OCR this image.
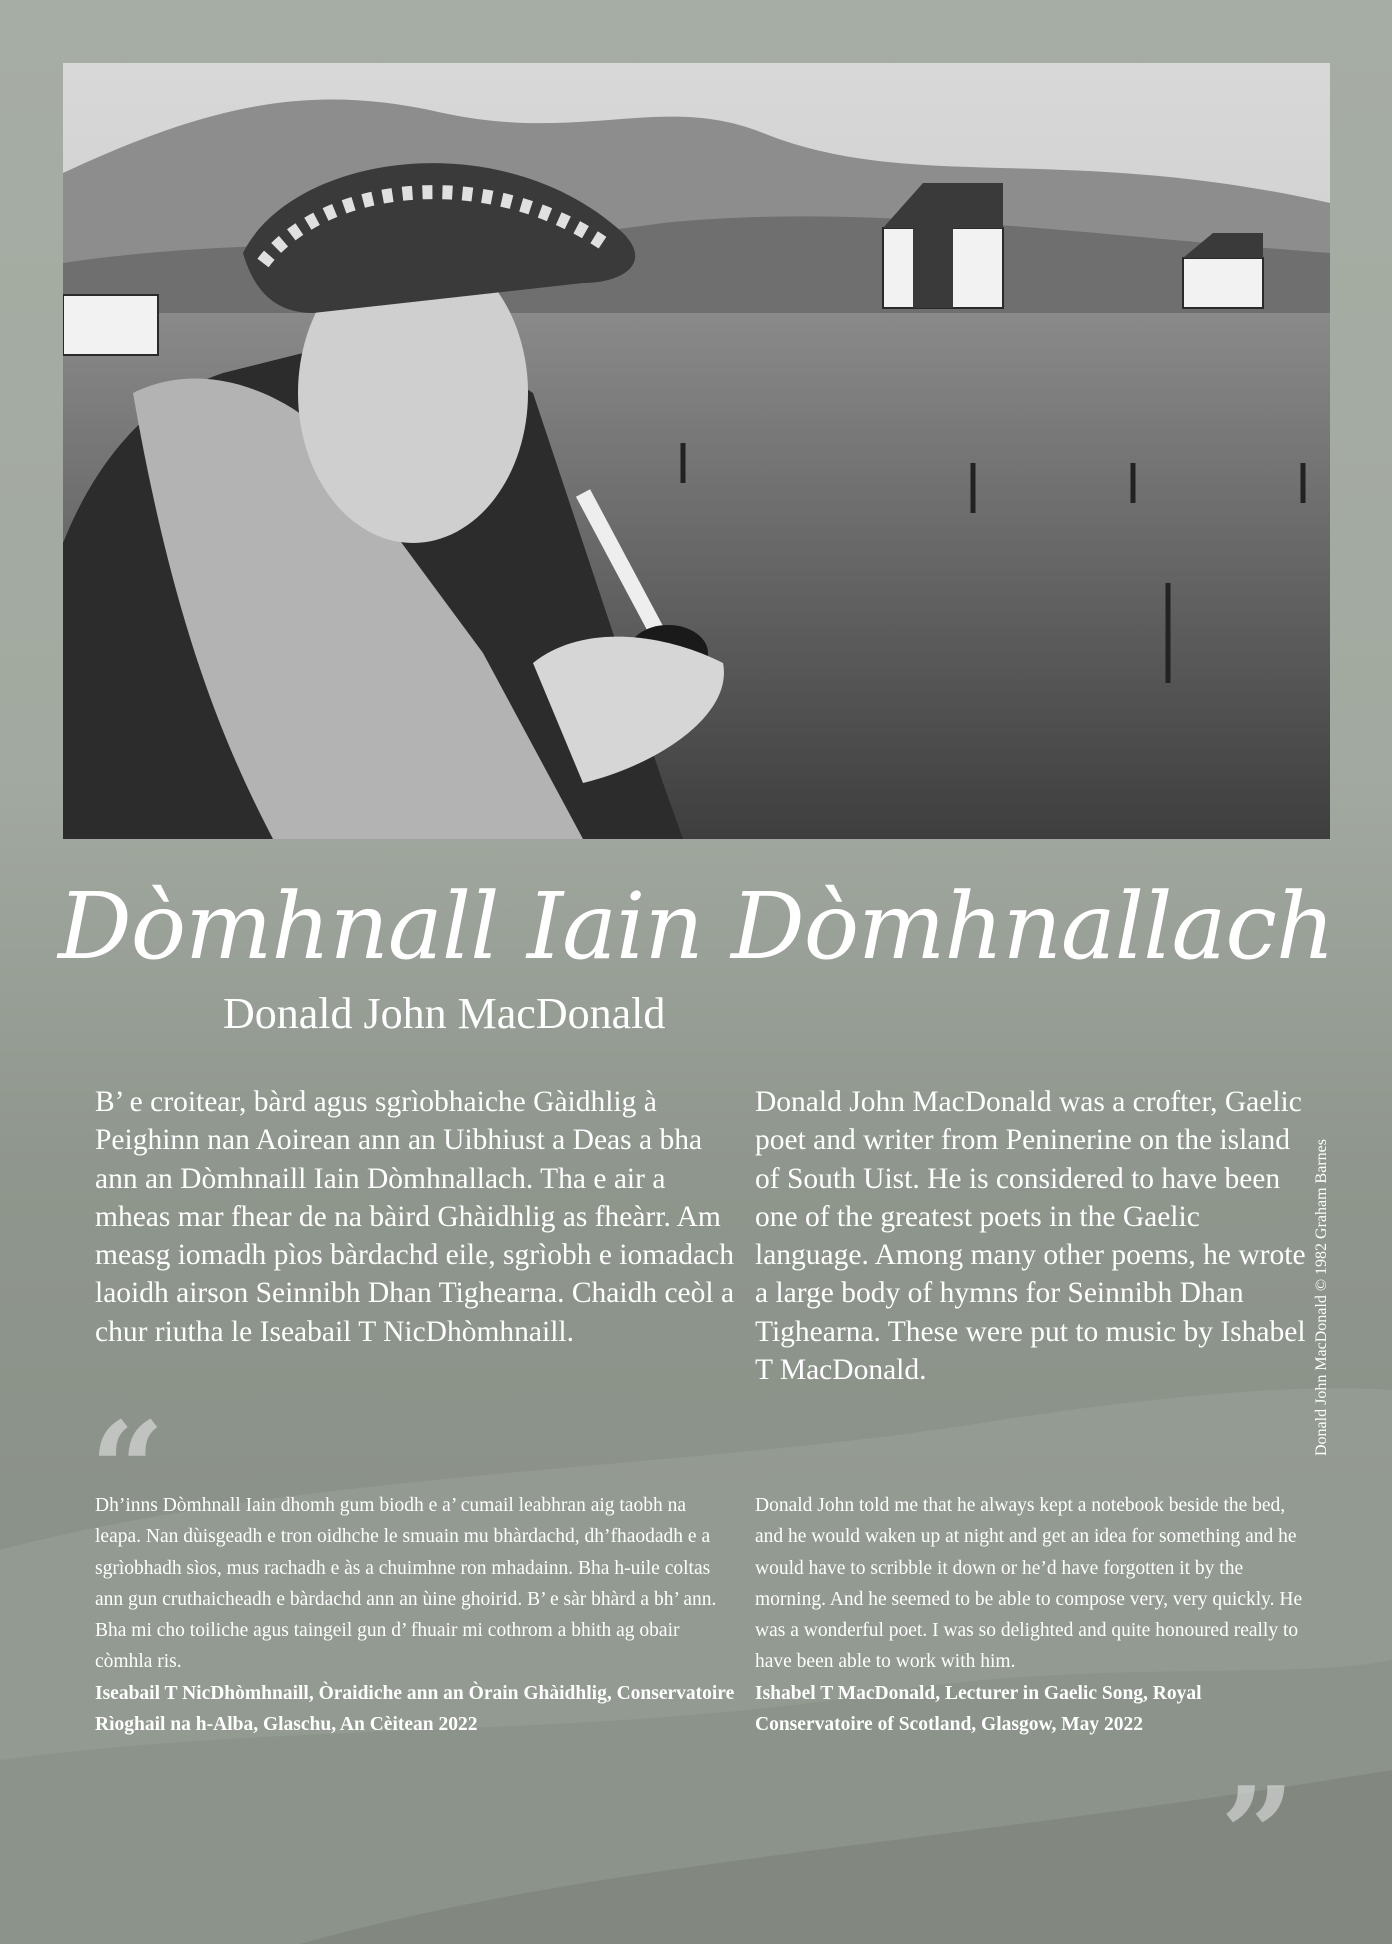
Dòmhnall Iain Dòmhnallach
Donald John MacDonald
B’ e croitear, bàrd agus sgrìobhaiche Gàidhlig à Peighinn nan Aoirean ann an Uibhiust a Deas a bha ann an Dòmhnaill Iain Dòmhnallach. Tha e air a mheas mar fhear de na bàird Ghàidhlig as fheàrr. Am measg iomadh pìos bàrdachd eile, sgrìobh e iomadach laoidh airson Seinnibh Dhan Tighearna. Chaidh ceòl a chur riutha le Iseabail T NicDhòmhnaill.
Donald John MacDonald was a crofter, Gaelic poet and writer from Peninerine on the island of South Uist. He is considered to have been one of the greatest poets in the Gaelic language. Among many other poems, he wrote a large body of hymns for Seinnibh Dhan Tighearna. These were put to music by Ishabel T MacDonald.
“
Dh’inns Dòmhnall Iain dhomh gum biodh e a’ cumail leabhran aig taobh na leapa. Nan dùisgeadh e tron oidhche le smuain mu bhàrdachd, dh’fhaodadh e a sgrìobhadh sìos, mus rachadh e às a chuimhne ron mhadainn. Bha h-uile coltas ann gun cruthaicheadh e bàrdachd ann an ùine ghoirid. B’ e sàr bhàrd a bh’ ann. Bha mi cho toiliche agus taingeil gun d’ fhuair mi cothrom a bhith ag obair còmhla ris.
Iseabail T NicDhòmhnaill, Òraidiche ann an Òrain Ghàidhlig, Conservatoire Rìoghail na h-Alba, Glaschu, An Cèitean 2022
Donald John told me that he always kept a notebook beside the bed, and he would waken up at night and get an idea for something and he would have to scribble it down or he’d have forgotten it by the morning. And he seemed to be able to compose very, very quickly. He was a wonderful poet. I was so delighted and quite honoured really to have been able to work with him.
Ishabel T MacDonald, Lecturer in Gaelic Song, Royal Conservatoire of Scotland, Glasgow, May 2022
”
Donald John MacDonald © 1982 Graham Barnes
